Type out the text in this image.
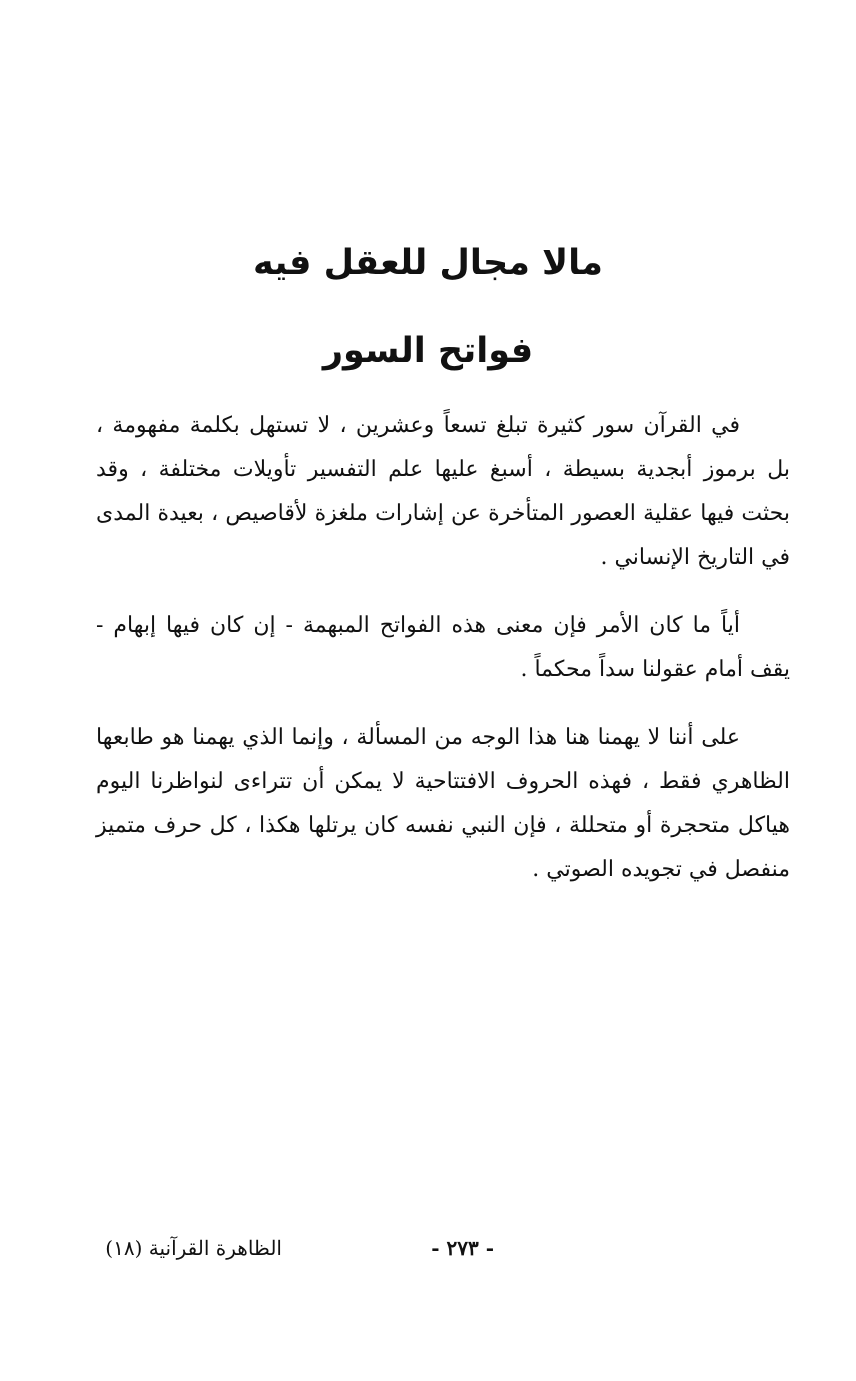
مالا مجال للعقل فيه
فواتح السور

في القرآن سور كثيرة تبلغ تسعاً وعشرين ، لا تستهل بكلمة مفهومة ، بل برموز أبجدية بسيطة ، أسبغ عليها علم التفسير تأويلات مختلفة ، وقد بحثت فيها عقلية العصور المتأخرة عن إشارات ملغزة لأقاصيص ، بعيدة المدى في التاريخ الإنساني .

أياً ما كان الأمر فإن معنى هذه الفواتح المبهمة - إن كان فيها إبهام - يقف أمام عقولنا سداً محكماً .

على أننا لا يهمنا هنا هذا الوجه من المسألة ، وإنما الذي يهمنا هو طابعها الظاهري فقط ، فهذه الحروف الافتتاحية لا يمكن أن تتراءى لنواظرنا اليوم هياكل متحجرة أو متحللة ، فإن النبي نفسه كان يرتلها هكذا ، كل حرف متميز منفصل في تجويده الصوتي .

- ٢٧٣ -
الظاهرة القرآنية (١٨)
